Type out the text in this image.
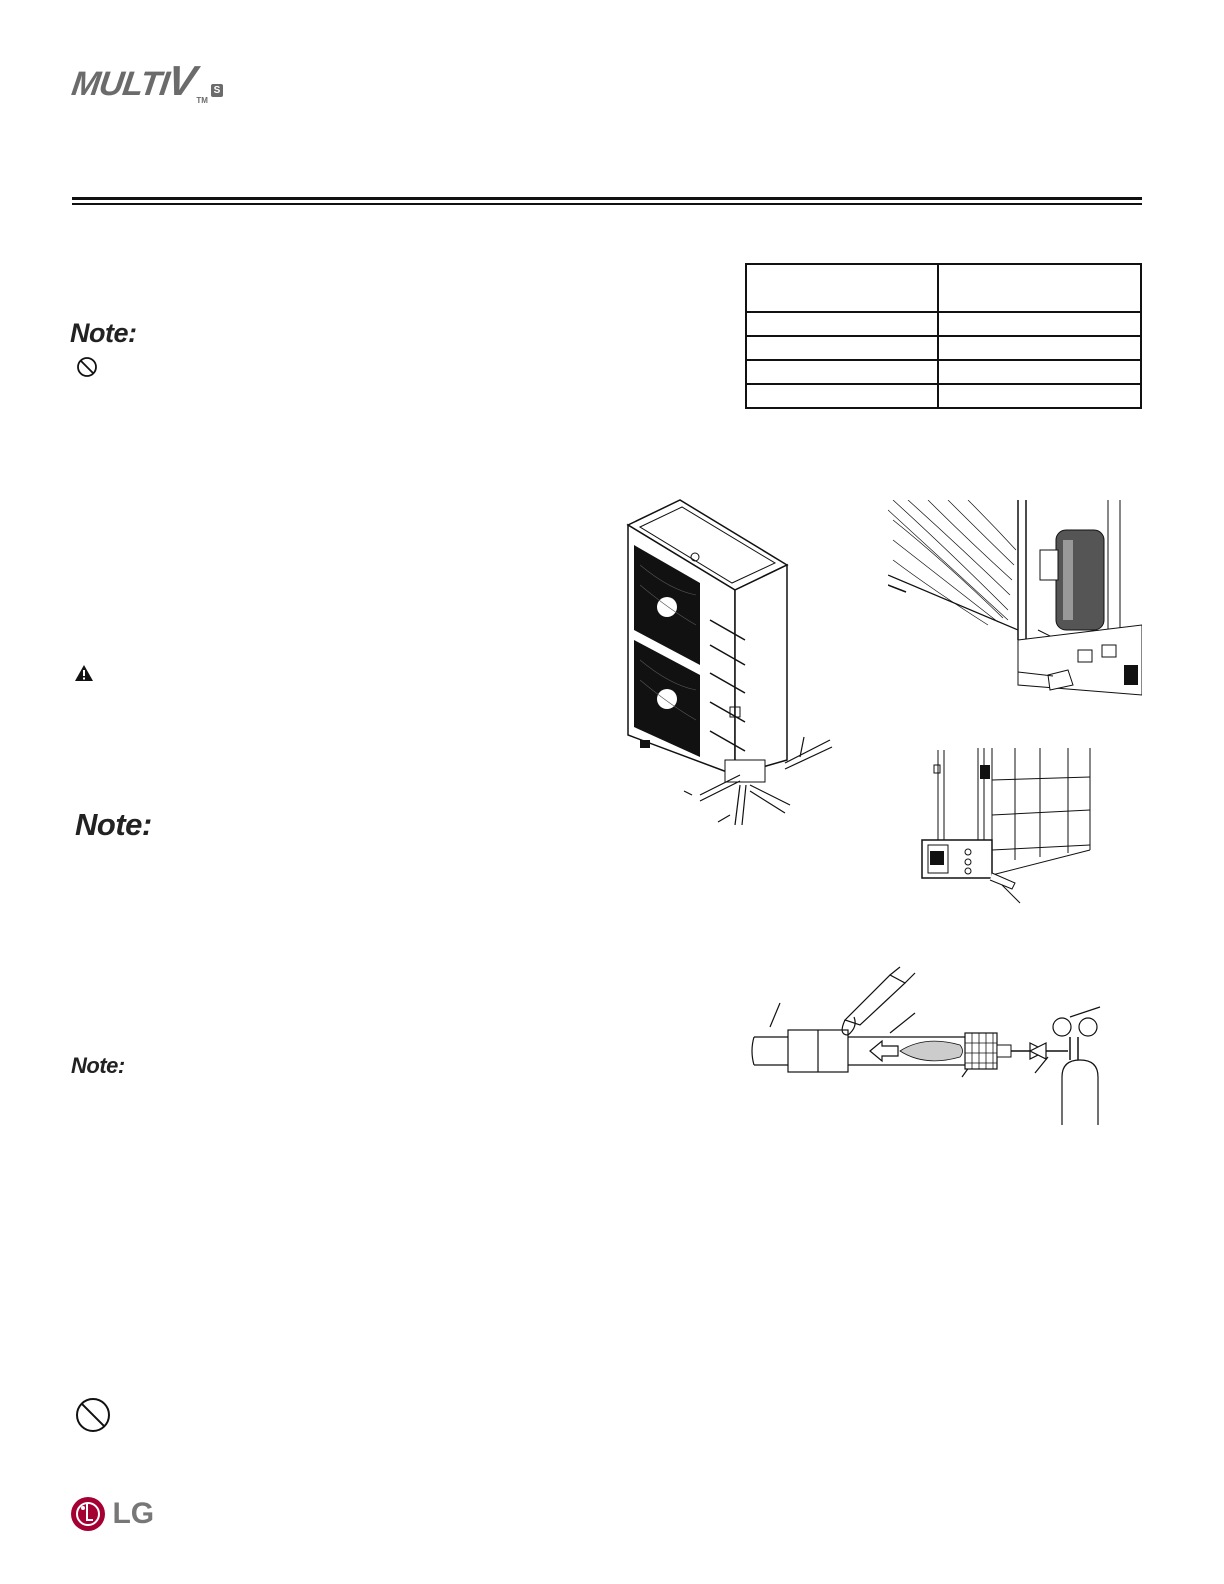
MULTIVTMS

Note:
Note:
Note:
LG
